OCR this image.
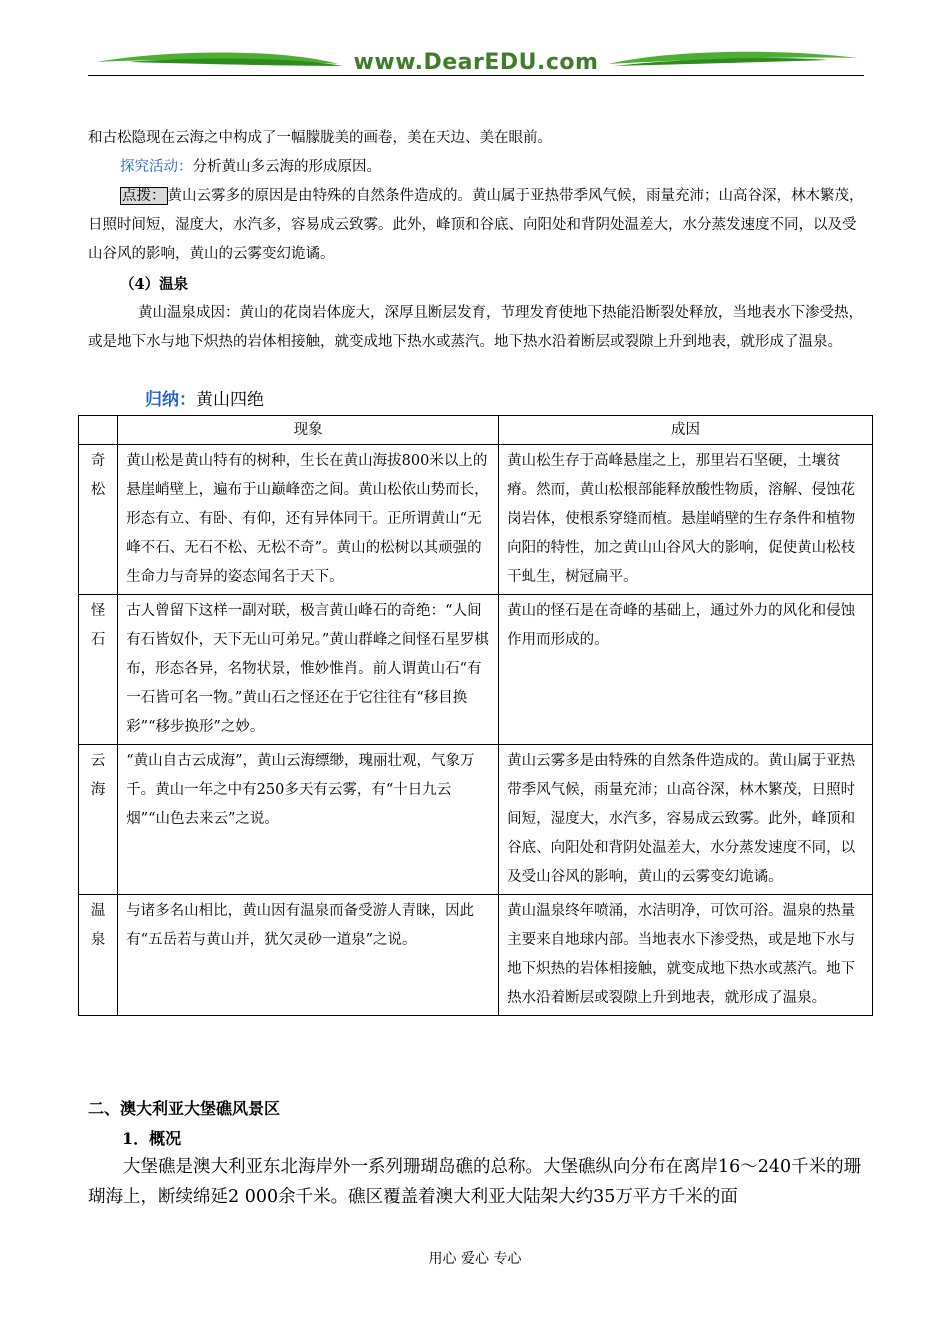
www.DearEDU.com
和古松隐现在云海之中构成了一幅朦胧美的画卷，美在天边、美在眼前。
探究活动：分析黄山多云海的形成原因。
点拨： 黄山云雾多的原因是由特殊的自然条件造成的。黄山属于亚热带季风气候，雨量充沛；山高谷深，林木繁茂，日照时间短，湿度大，水汽多，容易成云致雾。此外，峰顶和谷底、向阳处和背阴处温差大，水分蒸发速度不同，以及受山谷风的影响，黄山的云雾变幻诡谲。
（4）温泉
黄山温泉成因：黄山的花岗岩体庞大，深厚且断层发育，节理发育使地下热能沿断裂处释放，当地表水下渗受热，或是地下水与地下炽热的岩体相接触，就变成地下热水或蒸汽。地下热水沿着断层或裂隙上升到地表，就形成了温泉。
归纳：黄山四绝
	现象	成因
奇松	黄山松是黄山特有的树种，生长在黄山海拔800米以上的悬崖峭壁上，遍布于山巅峰峦之间。黄山松依山势而长，形态有立、有卧、有仰，还有异体同干。正所谓黄山“无峰不石、无石不松、无松不奇”。黄山的松树以其顽强的生命力与奇异的姿态闻名于天下。	黄山松生存于高峰悬崖之上，那里岩石坚硬，土壤贫瘠。然而，黄山松根部能释放酸性物质，溶解、侵蚀花岗岩体，使根系穿缝而植。悬崖峭壁的生存条件和植物向阳的特性，加之黄山山谷风大的影响，促使黄山松枝干虬生，树冠扁平。
怪石	古人曾留下这样一副对联，极言黄山峰石的奇绝：“人间有石皆奴仆，天下无山可弟兄。”黄山群峰之间怪石星罗棋布，形态各异，名物状景，惟妙惟肖。前人谓黄山石“有一石皆可名一物。”黄山石之怪还在于它往往有“移目换彩”“移步换形”之妙。	黄山的怪石是在奇峰的基础上，通过外力的风化和侵蚀作用而形成的。
云海	“黄山自古云成海”，黄山云海缥缈，瑰丽壮观，气象万千。黄山一年之中有250多天有云雾，有“十日九云烟”“山色去来云”之说。	黄山云雾多是由特殊的自然条件造成的。黄山属于亚热带季风气候，雨量充沛；山高谷深，林木繁茂，日照时间短，湿度大，水汽多，容易成云致雾。此外，峰顶和谷底、向阳处和背阴处温差大，水分蒸发速度不同，以及受山谷风的影响，黄山的云雾变幻诡谲。
温泉	与诸多名山相比，黄山因有温泉而备受游人青睐，因此有“五岳若与黄山并，犹欠灵砂一道泉”之说。	黄山温泉终年喷涌，水洁明净，可饮可浴。温泉的热量主要来自地球内部。当地表水下渗受热，或是地下水与地下炽热的岩体相接触，就变成地下热水或蒸汽。地下热水沿着断层或裂隙上升到地表，就形成了温泉。
二、澳大利亚大堡礁风景区
1．概况
大堡礁是澳大利亚东北海岸外一系列珊瑚岛礁的总称。大堡礁纵向分布在离岸16～240千米的珊瑚海上，断续绵延2 000余千米。礁区覆盖着澳大利亚大陆架大约35万平方千米的面
用心 爱心 专心
